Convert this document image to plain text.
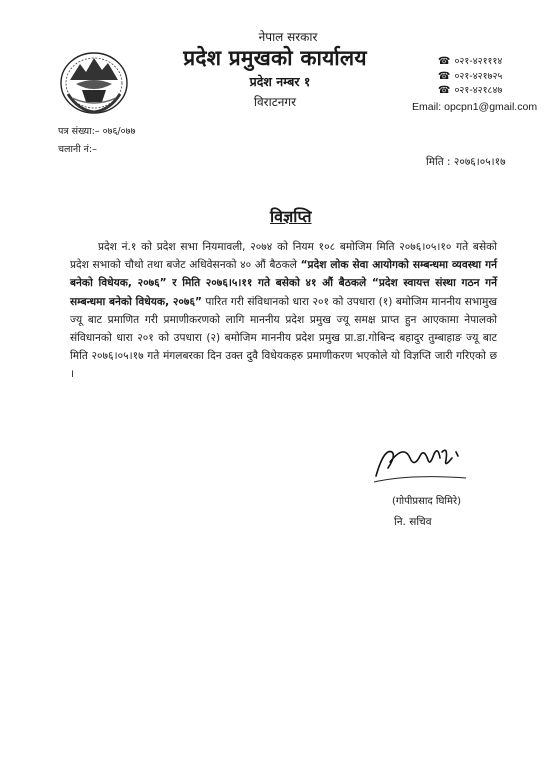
नेपाल सरकार
प्रदेश प्रमुखको कार्यालय
प्रदेश नम्बर १
विराटनगर
☎ ०२१-४२१११४
☎ ०२१-४२१७२५
☎ ०२१-४२१८४७
Email: opcpn1@gmail.com
पत्र संख्या:– ०७६/०७७
चलानी नं:–
मिति : २०७६।०५।१७
विज्ञप्ति

प्रदेश नं.१ को प्रदेश सभा नियमावली, २०७४ को नियम १०८ बमोजिम मिति २०७६।०५।१० गते बसेको प्रदेश सभाको चौथो तथा बजेट अधिवेसनको ४० औं बैठकले “प्रदेश लोक सेवा आयोगको सम्बन्धमा व्यवस्था गर्न बनेको विधेयक, २०७६” र मिति २०७६।५।११ गते बसेको ४१ औं बैठकले “प्रदेश स्वायत्त संस्था गठन गर्ने सम्बन्धमा बनेको विधेयक, २०७६” पारित गरी संविधानको धारा २०१ को उपधारा (१) बमोजिम माननीय सभामुख ज्यू बाट प्रमाणित गरी प्रमाणीकरणको लागि माननीय प्रदेश प्रमुख ज्यू समक्ष प्राप्त हुन आएकामा नेपालको संविधानको धारा २०१ को उपधारा (२) बमोजिम माननीय प्रदेश प्रमुख प्रा.डा.गोबिन्द बहादुर तुम्बाहाङ ज्यू बाट मिति २०७६।०५।१७ गते मंगलबरका दिन उक्त दुवै विधेयकहरु प्रमाणीकरण भएकोले यो विज्ञप्ति जारी गरिएको छ ।

(गोपीप्रसाद घिमिरे)
नि. सचिव
